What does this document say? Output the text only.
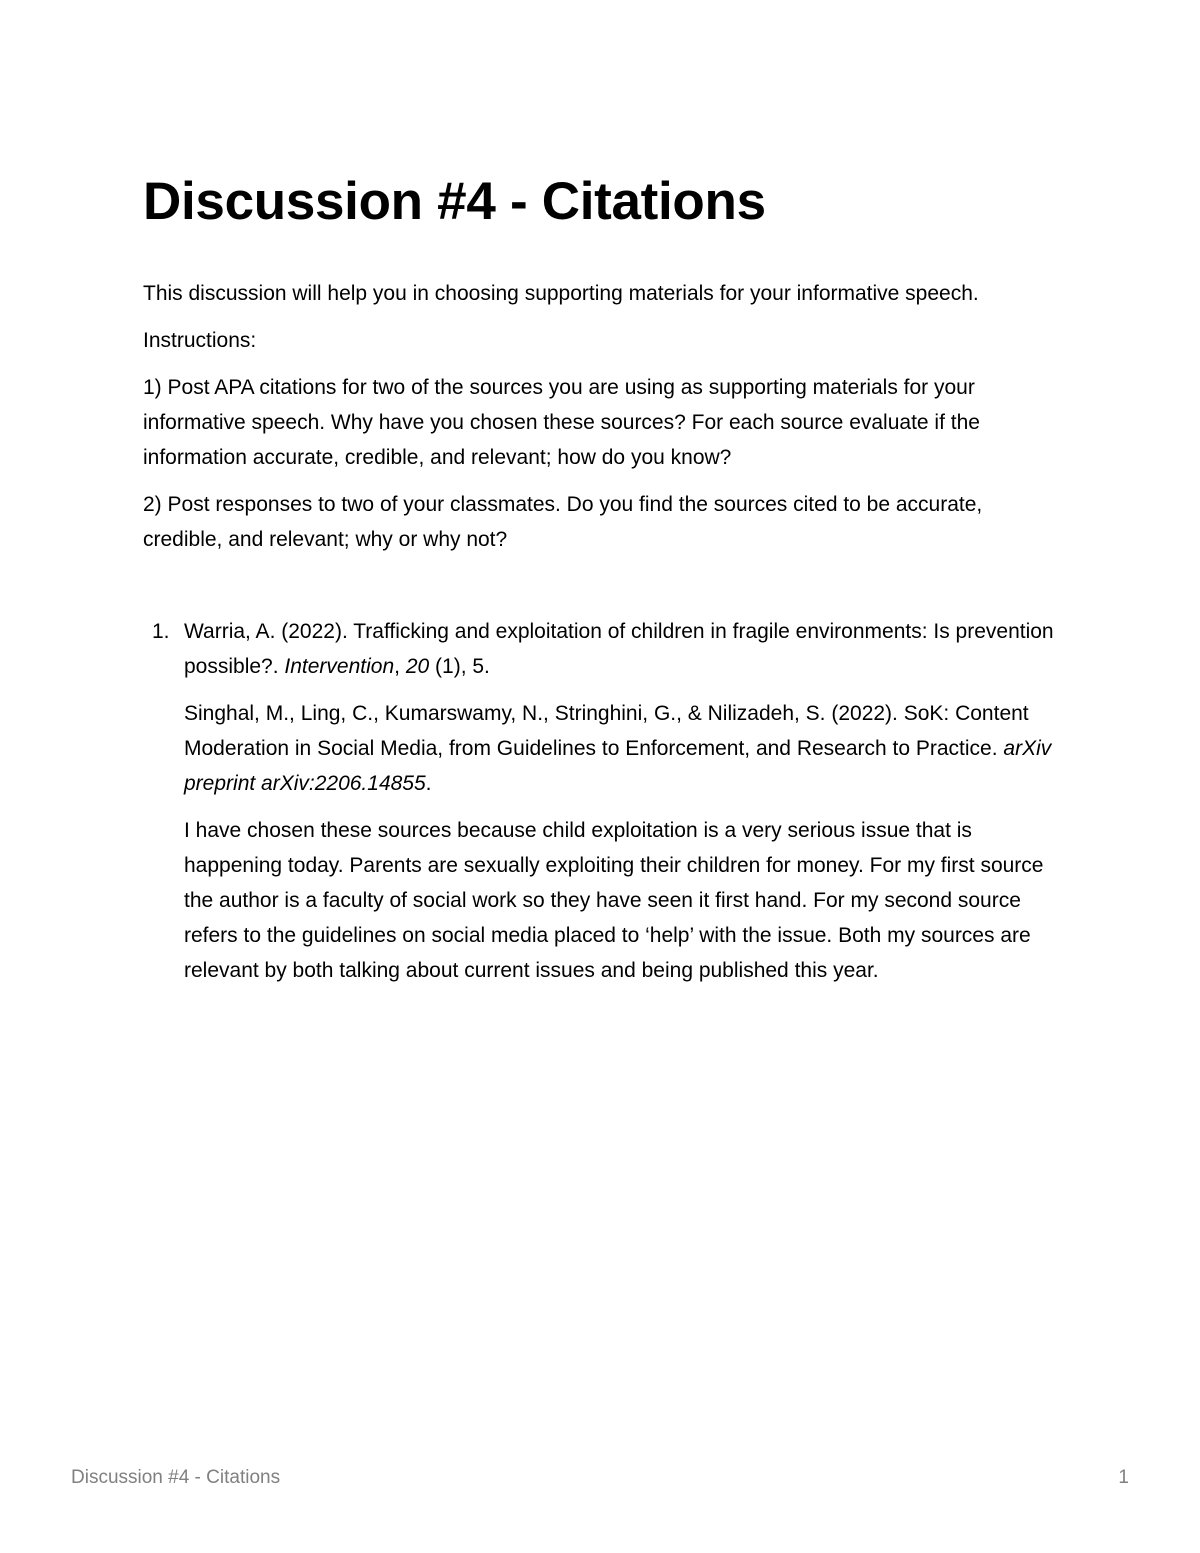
Discussion #4 - Citations

This discussion will help you in choosing supporting materials for your informative speech.

Instructions:

1) Post APA citations for two of the sources you are using as supporting materials for your informative speech. Why have you chosen these sources? For each source evaluate if the information accurate, credible, and relevant; how do you know?

2) Post responses to two of your classmates. Do you find the sources cited to be accurate, credible, and relevant; why or why not?

1. Warria, A. (2022). Trafficking and exploitation of children in fragile environments: Is prevention possible?. Intervention, 20 (1), 5.

Singhal, M., Ling, C., Kumarswamy, N., Stringhini, G., & Nilizadeh, S. (2022). SoK: Content Moderation in Social Media, from Guidelines to Enforcement, and Research to Practice. arXiv preprint arXiv:2206.14855.

I have chosen these sources because child exploitation is a very serious issue that is happening today. Parents are sexually exploiting their children for money. For my first source the author is a faculty of social work so they have seen it first hand. For my second source refers to the guidelines on social media placed to ‘help’ with the issue. Both my sources are relevant by both talking about current issues and being published this year.

Discussion #4 - Citations	1
